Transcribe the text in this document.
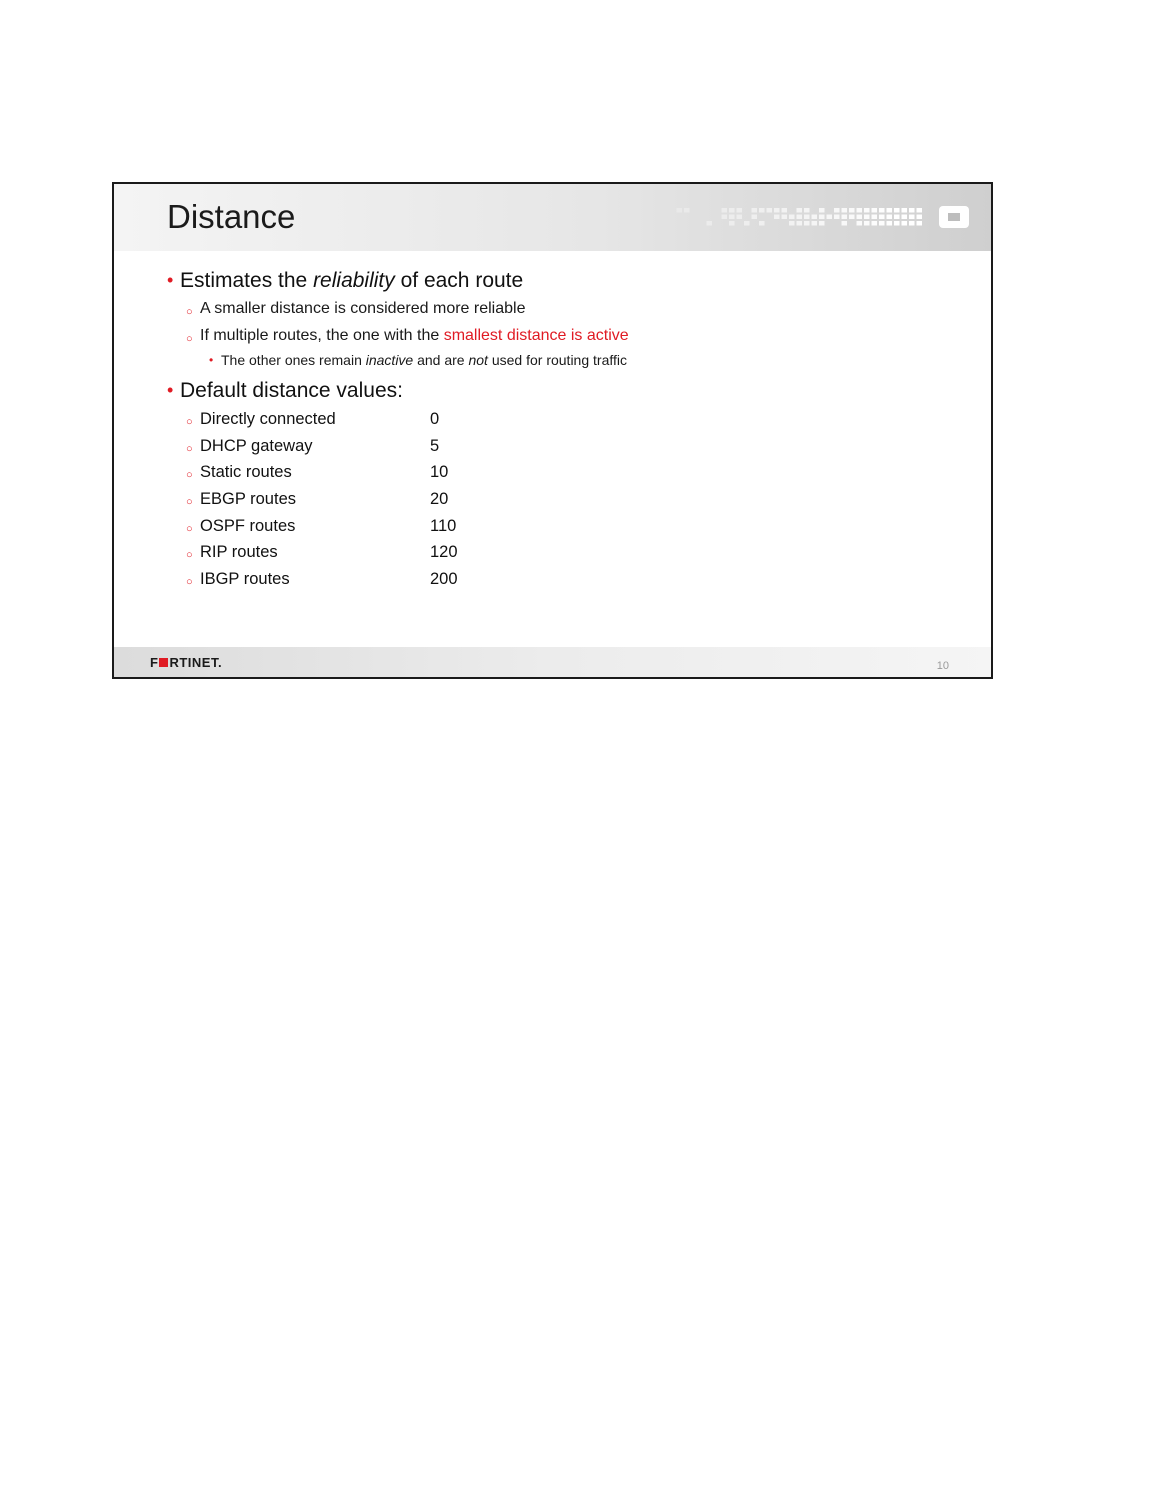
Distance
• Estimates the reliability of each route
○ A smaller distance is considered more reliable
○ If multiple routes, the one with the smallest distance is active
• The other ones remain inactive and are not used for routing traffic
• Default distance values:
○ Directly connected	0
○ DHCP gateway	5
○ Static routes	10
○ EBGP routes	20
○ OSPF routes	110
○ RIP routes	120
○ IBGP routes	200
F RTINET.	10
